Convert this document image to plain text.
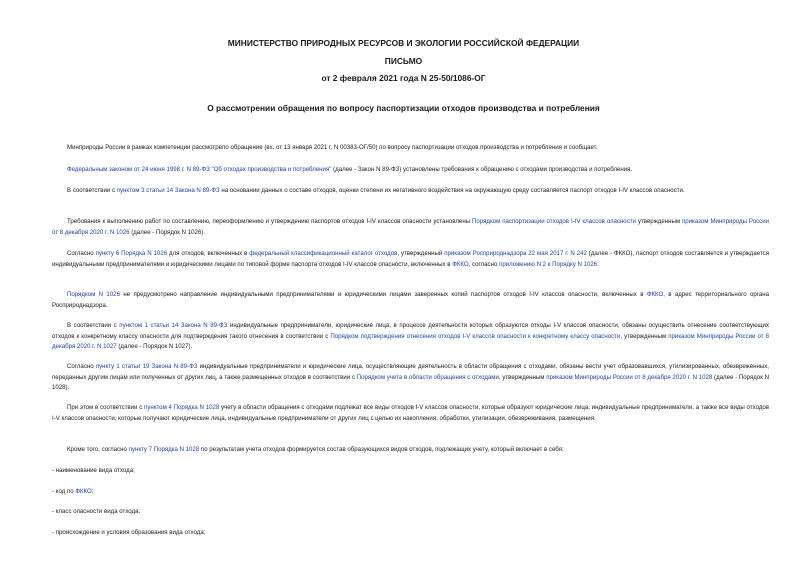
МИНИСТЕРСТВО ПРИРОДНЫХ РЕСУРСОВ И ЭКОЛОГИИ РОССИЙСКОЙ ФЕДЕРАЦИИ
ПИСЬМО
от 2 февраля 2021 года N 25-50/1086-ОГ
О рассмотрении обращения по вопросу паспортизации отходов производства и потребления
Минприроды России в рамках компетенции рассмотрело обращение (вх. от 13 января 2021 г. N 00383-ОГ/50) по вопросу паспортизации отходов производства и потребления и сообщает.
Федеральным законом от 24 июня 1998 г. N 89-ФЗ "Об отходах производства и потребления" (далее - Закон N 89-ФЗ) установлены требования к обращению с отходами производства и потребления.
В соответствии с пунктом 3 статьи 14 Закона N 89-ФЗ на основании данных о составе отходов, оценки степени их негативного воздействия на окружающую среду составляется паспорт отходов I-IV классов опасности.
Требования к выполнению работ по составлению, переоформлению и утверждению паспортов отходов I-IV классов опасности установлены Порядком паспортизации отходов I-IV классов опасности утвержденным приказом Минприроды России от 8 декабря 2020 г. N 1026 (далее - Порядок N 1026).
Согласно пункту 6 Порядка N 1026 для отходов, включенных в федеральный классификационный каталог отходов, утвержденный приказом Росприроднадзора 22 мая 2017 г. N 242 (далее - ФККО), паспорт отходов составляется и утверждается индивидуальными предпринимателями и юридическими лицами по типовой форме паспорта отходов I-IV классов опасности, включенных в ФККО, согласно приложению N 2 к Порядку N 1026.
Порядком N 1026 не предусмотрено направление индивидуальными предпринимателями и юридическими лицами заверенных копий паспортов отходов I-IV классов опасности, включенных в ФККО, в адрес территориального органа Росприроднадзора.
В соответствии с пунктом 1 статьи 14 Закона N 89-ФЗ индивидуальные предприниматели, юридические лица, в процессе деятельности которых образуются отходы I-V классов опасности, обязаны осуществить отнесение соответствующих отходов к конкретному классу опасности для подтверждения такого отнесения в соответствии с Порядком подтверждения отнесения отходов I-V классов опасности к конкретному классу опасности, утвержденным приказом Минприроды России от 8 декабря 2020 г. N 1027 (далее - Порядок N 1027).
Согласно пункту 1 статьи 19 Закона N 89-ФЗ индивидуальные предприниматели и юридические лица, осуществляющие деятельность в области обращения с отходами, обязаны вести учет образовавшихся, утилизированных, обезвреженных, переданных другим лицам или полученных от других лиц, а также размещенных отходов в соответствии с Порядком учета в области обращения с отходами, утвержденным приказом Минприроды России от 8 декабря 2020 г. N 1028 (далее - Порядок N 1028).
При этом в соответствии с пунктом 4 Порядка N 1028 учету в области обращения с отходами подлежат все виды отходов I-V классов опасности, которые образуют юридические лица, индивидуальные предприниматели, а также все виды отходов I-V классов опасности, которые получают юридические лица, индивидуальные предприниматели от других лиц с целью их накопления, обработки, утилизации, обезвреживания, размещения.
Кроме того, согласно пункту 7 Порядка N 1028 по результатам учета отходов формируется состав образующихся видов отходов, подлежащих учету, который включает в себя:
- наименование вида отхода;
- код по ФККО;
- класс опасности вида отхода;
- происхождение и условия образования вида отхода;
